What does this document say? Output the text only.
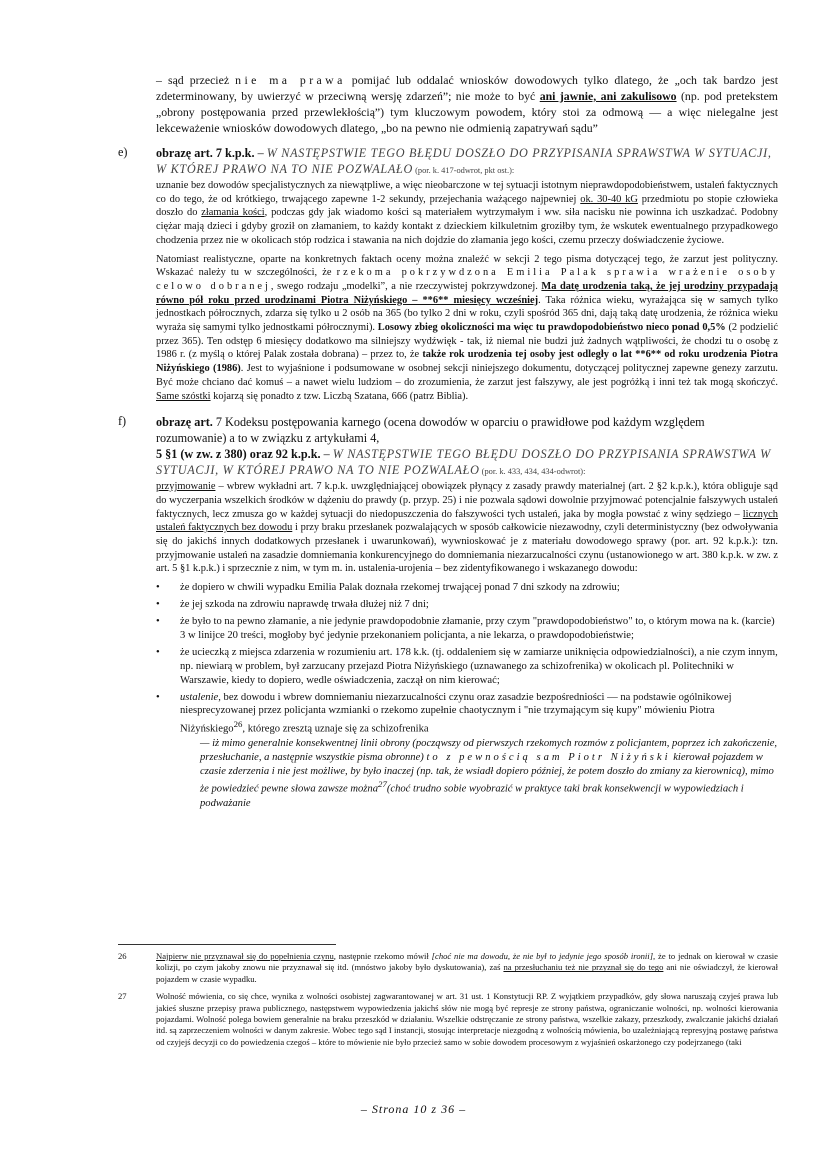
– sąd przecież nie ma prawa pomijać lub oddalać wniosków dowodowych tylko dlatego, że „och tak bardzo jest zdeterminowany, by uwierzyć w przeciwną wersję zdarzeń”; nie może to być ani jawnie, ani zakulisowo (np. pod pretekstem „obrony postępowania przed przewlekłością”) tym kluczowym powodem, który stoi za odmową — a więc nielegalne jest lekceważenie wniosków dowodowych dlatego, „bo na pewno nie odmienią zapatrywań sądu”

e)	obrazę art. 7 k.p.k. – W NASTĘPSTWIE TEGO BŁĘDU DOSZŁO DO PRZYPISANIA SPRAWSTWA W SYTUACJI, W KTÓREJ PRAWO NA TO NIE POZWALAŁO (por. k. 417-odwrot, pkt ost.):

uznanie bez dowodów specjalistycznych za niewątpliwe, a więc nieobarczone w tej sytuacji istotnym nieprawdopodobieństwem, ustaleń faktycznych co do tego, że od krótkiego, trwającego zapewne 1-2 sekundy, przejechania ważącego najpewniej ok. 30-40 kG przedmiotu po stopie człowieka doszło do złamania kości, podczas gdy jak wiadomo kości są materiałem wytrzymałym i ww. siła nacisku nie powinna ich uszkadzać. Podobny ciężar mają dzieci i gdyby groził on złamaniem, to każdy kontakt z dzieckiem kilkuletnim groziłby tym, że wskutek ewentualnego przypadkowego chodzenia przez nie w okolicach stóp rodzica i stawania na nich dojdzie do złamania jego kości, czemu przeczy doświadczenie życiowe.

Natomiast realistyczne, oparte na konkretnych faktach oceny można znaleźć w sekcji 2 tego pisma dotyczącej tego, że zarzut jest polityczny. Wskazać należy tu w szczególności, że rzekoma pokrzywdzona Emilia Palak sprawia wrażenie osoby celowo dobranej, swego rodzaju „modelki”, a nie rzeczywistej pokrzywdzonej. Ma datę urodzenia taką, że jej urodziny przypadają równo pół roku przed urodzinami Piotra Niżyńskiego – **6** miesięcy wcześniej. Taka różnica wieku, wyrażająca się w samych tylko jednostkach półrocznych, zdarza się tylko u 2 osób na 365 (bo tylko 2 dni w roku, czyli spośród 365 dni, dają taką datę urodzenia, że różnica wieku wyraża się samymi tylko jednostkami półrocznymi). Losowy zbieg okoliczności ma więc tu prawdopodobieństwo nieco ponad 0,5% (2 podzielić przez 365). Ten odstęp 6 miesięcy dodatkowo ma silniejszy wydźwięk - tak, iż niemal nie budzi już żadnych wątpliwości, że chodzi tu o osobę z 1986 r. (z myślą o której Palak została dobrana) – przez to, że także rok urodzenia tej osoby jest odległy o lat **6** od roku urodzenia Piotra Niżyńskiego (1986). Jest to wyjaśnione i podsumowane w osobnej sekcji niniejszego dokumentu, dotyczącej politycznej zapewne genezy zarzutu. Być może chciano dać komuś – a nawet wielu ludziom – do zrozumienia, że zarzut jest fałszywy, ale jest pogróżką i inni też tak mogą skończyć. Same szóstki kojarzą się ponadto z tzw. Liczbą Szatana, 666 (patrz Biblia).

f)	obrazę art. 7 Kodeksu postępowania karnego (ocena dowodów w oparciu o prawidłowe pod każdym względem rozumowanie) a to w związku z artykułami 4,
5 §1 (w zw. z 380) oraz 92 k.p.k. – W NASTĘPSTWIE TEGO BŁĘDU DOSZŁO DO PRZYPISANIA SPRAWSTWA W SYTUACJI, W KTÓREJ PRAWO NA TO NIE POZWALAŁO (por. k. 433, 434, 434-odwrot):

przyjmowanie – wbrew wykładni art. 7 k.p.k. uwzględniającej obowiązek płynący z zasady prawdy materialnej (art. 2 §2 k.p.k.), która obliguje sąd do wyczerpania wszelkich środków w dążeniu do prawdy (p. przyp. 25) i nie pozwala sądowi dowolnie przyjmować potencjalnie fałszywych ustaleń faktycznych, lecz zmusza go w każdej sytuacji do niedopuszczenia do fałszywości tych ustaleń, jaka by mogła powstać z winy sędziego – licznych ustaleń faktycznych bez dowodu i przy braku przesłanek pozwalających w sposób całkowicie niezawodny, czyli deterministyczny (bez odwoływania się do jakichś innych dodatkowych przesłanek i uwarunkowań), wywnioskować je z materiału dowodowego sprawy (por. art. 92 k.p.k.): tzn. przyjmowanie ustaleń na zasadzie domniemania konkurencyjnego do domniemania niezarzucalności czynu (ustanowionego w art. 380 k.p.k. w zw. z art. 5 §1 k.p.k.) i sprzecznie z nim, w tym m. in. ustalenia-urojenia – bez zidentyfikowanego i wskazanego dowodu:

• że dopiero w chwili wypadku Emilia Palak doznała rzekomej trwającej ponad 7 dni szkody na zdrowiu;
• że jej szkoda na zdrowiu naprawdę trwała dłużej niż 7 dni;
• że było to na pewno złamanie, a nie jedynie prawdopodobnie złamanie, przy czym "prawdopodobieństwo" to, o którym mowa na k. (karcie) 3 w linijce 20 treści, mogłoby być jedynie przekonaniem policjanta, a nie lekarza, o prawdopodobieństwie;
• że ucieczką z miejsca zdarzenia w rozumieniu art. 178 k.k. (tj. oddaleniem się w zamiarze uniknięcia odpowiedzialności), a nie czym innym, np. niewiarą w problem, był zarzucany przejazd Piotra Niżyńskiego (uznawanego za schizofrenika) w okolicach pl. Politechniki w Warszawie, kiedy to dopiero, wedle oświadczenia, zaczął on nim kierować;
• ustalenie, bez dowodu i wbrew domniemaniu niezarzucalności czynu oraz zasadzie bezpośredniości — na podstawie ogólnikowej niesprecyzowanej przez policjanta wzmianki o rzekomo zupełnie chaotycznym i "nie trzymającym się kupy" mówieniu Piotra Niżyńskiego$^{26}$, którego zresztą uznaje się za schizofrenika
— iż mimo generalnie konsekwentnej linii obrony (począwszy od pierwszych rzekomych rozmów z policjantem, poprzez ich zakończenie, przesłuchanie, a następnie wszystkie pisma obronne) to z pewnością sam Piotr Niżyński kierował pojazdem w czasie zderzenia i nie jest możliwe, by było inaczej (np. tak, że wsiadł dopiero później, że potem doszło do zmiany za kierownicą), mimo że powiedzieć pewne słowa zawsze można$^{27}$(choć trudno sobie wyobrazić w praktyce taki brak konsekwencji w wypowiedziach i podważanie
26	Najpierw nie przyznawał się do popełnienia czynu, następnie rzekomo mówił [choć nie ma dowodu, że nie był to jedynie jego sposób ironii], że to jednak on kierował w czasie kolizji, po czym jakoby znowu nie przyznawał się itd. (mnóstwo jakoby było dyskutowania), zaś na przesłuchaniu też nie przyznał się do tego ani nie oświadczył, że kierował pojazdem w czasie wypadku.
27	Wolność mówienia, co się chce, wynika z wolności osobistej zagwarantowanej w art. 31 ust. 1 Konstytucji RP. Z wyjątkiem przypadków, gdy słowa naruszają czyjeś prawa lub jakieś słuszne przepisy prawa publicznego, następstwem wypowiedzenia jakichś słów nie mogą być represje ze strony państwa, ograniczanie wolności, np. wolności kierowania pojazdami. Wolność polega bowiem generalnie na braku przeszkód w działaniu. Wszelkie odstręczanie ze strony państwa, wszelkie zakazy, przeszkody, zwalczanie jakichś działań itd. są zaprzeczeniem wolności w danym zakresie. Wobec tego sąd I instancji, stosując interpretacje niezgodną z wolnością mówienia, bo uzależniającą represyjną postawę państwa od czyjejś decyzji co do powiedzenia czegoś – które to mówienie nie było przecież samo w sobie dowodem procesowym z wyjaśnień oskarżonego czy podejrzanego (taki
– Strona 10 z 36 –
